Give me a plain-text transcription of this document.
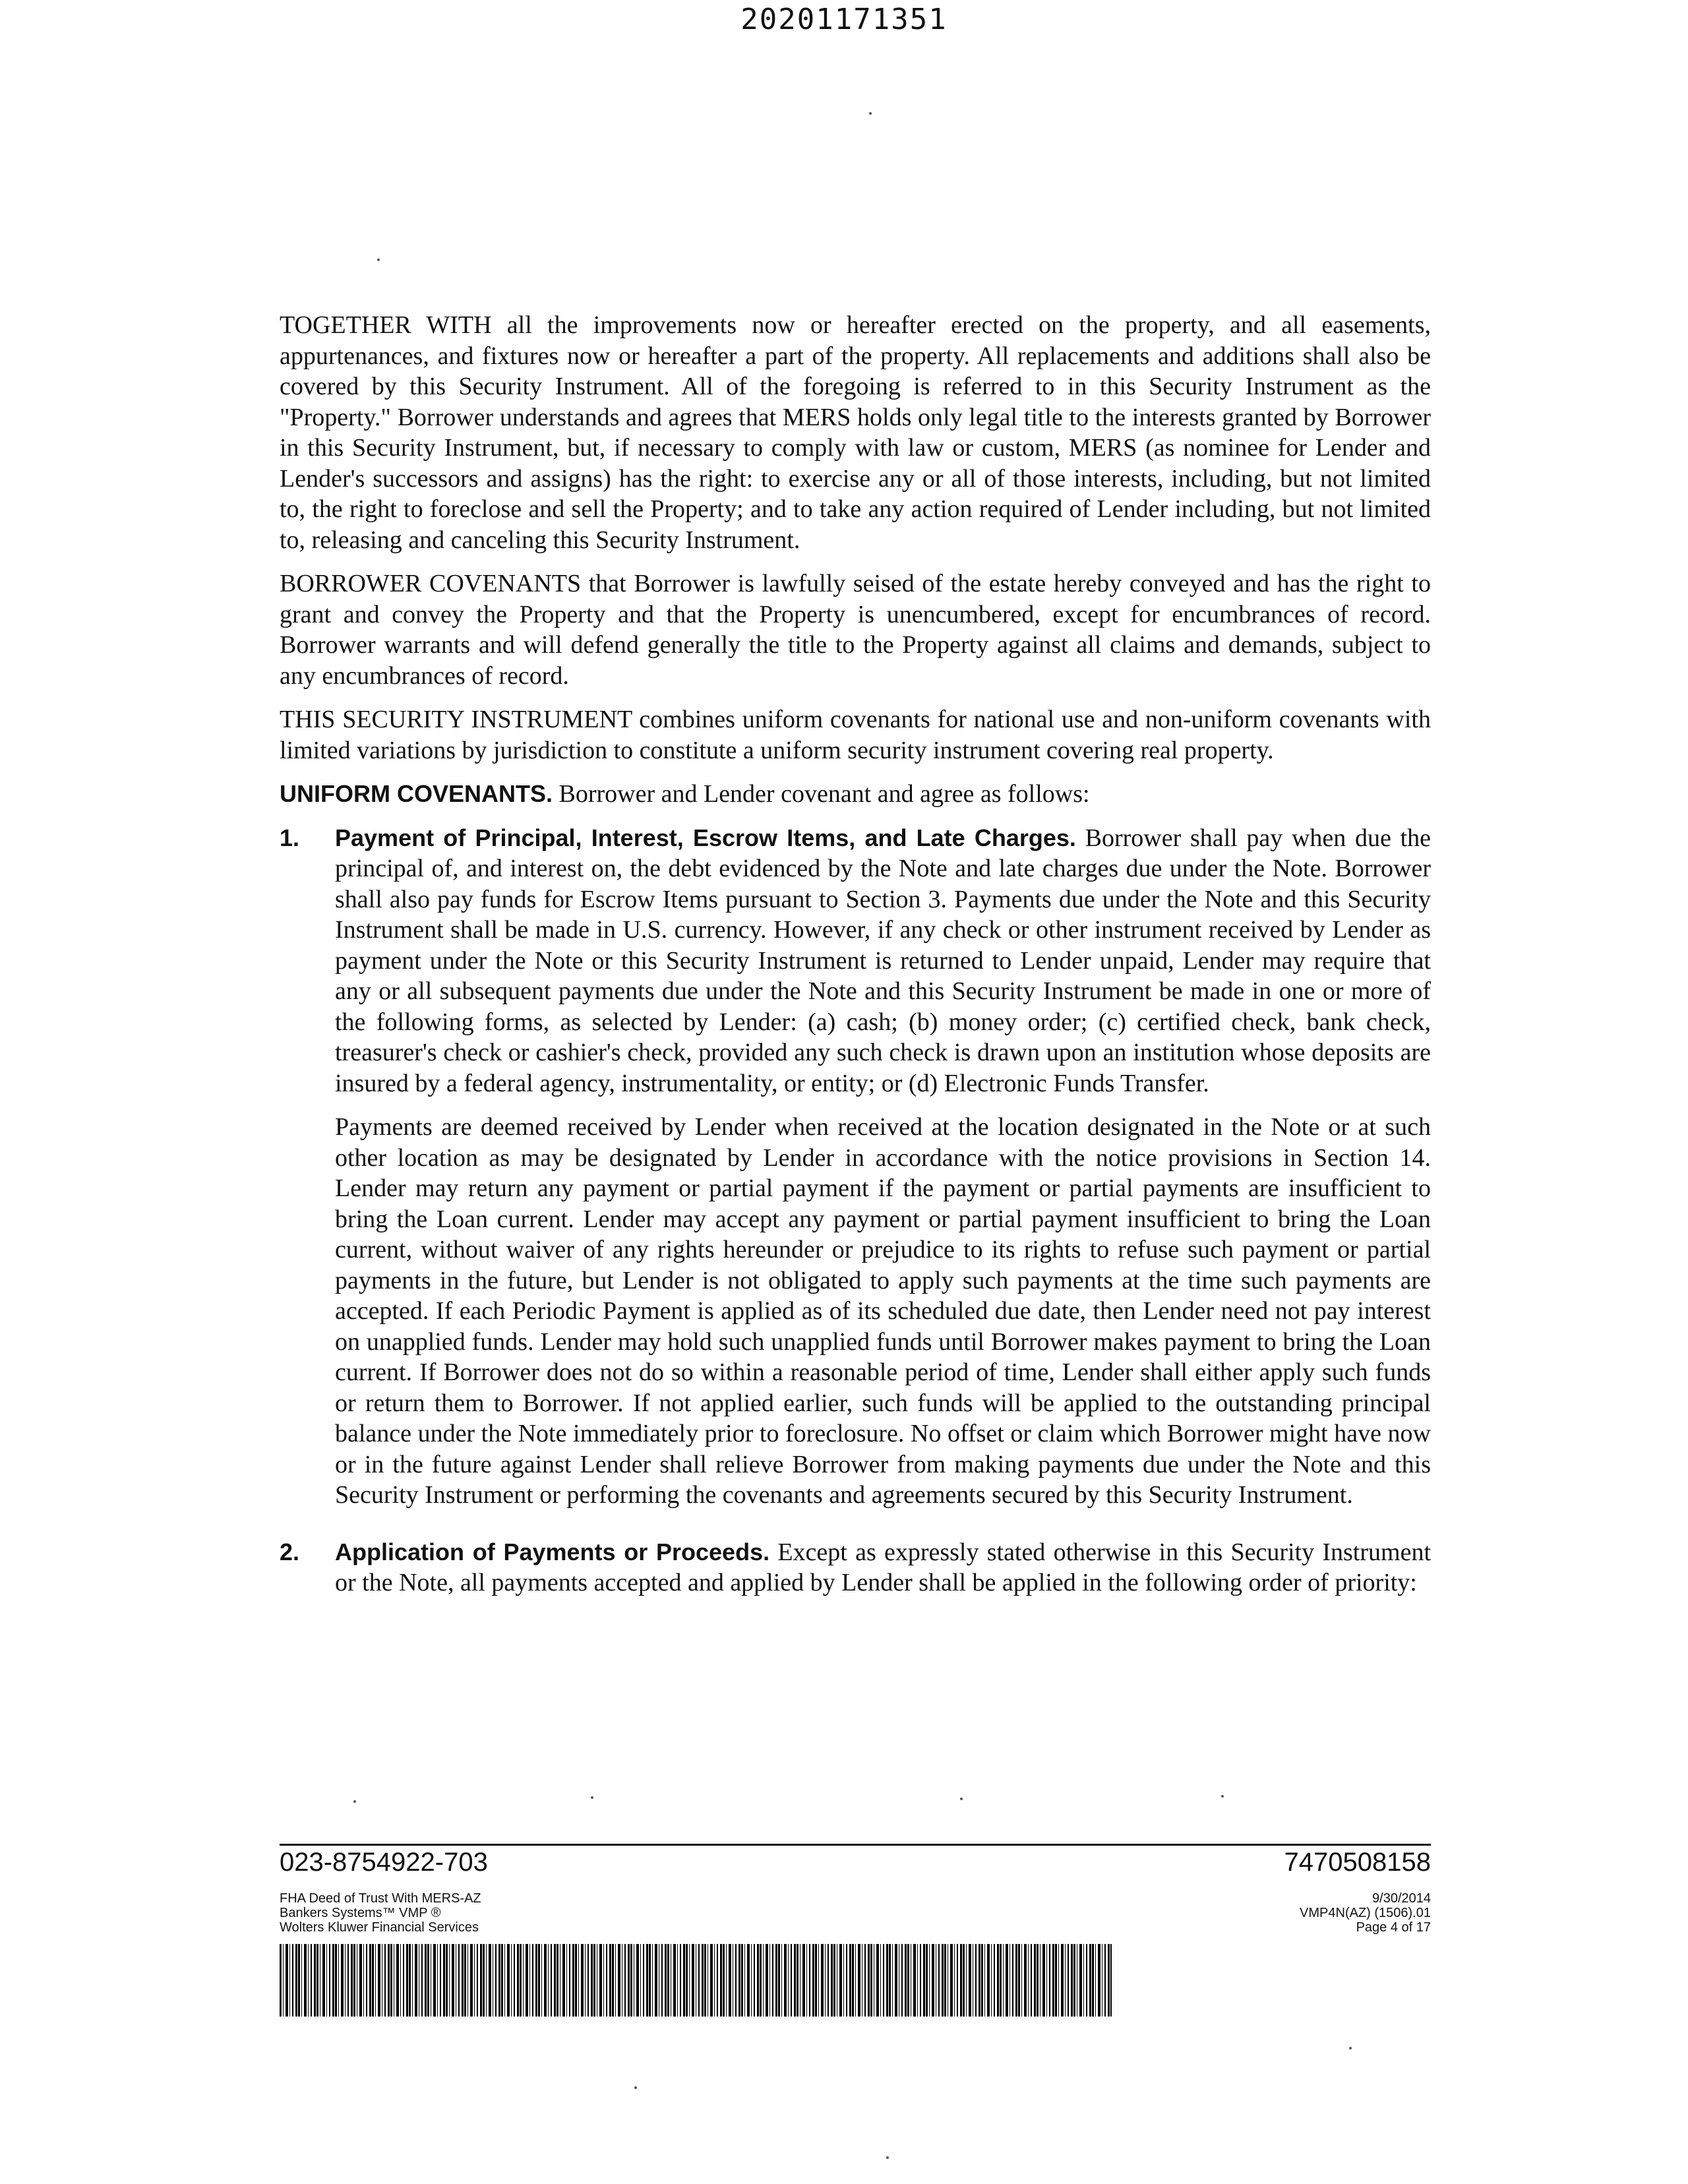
20201171351

TOGETHER WITH all the improvements now or hereafter erected on the property, and all easements, appurtenances, and fixtures now or hereafter a part of the property. All replacements and additions shall also be covered by this Security Instrument. All of the foregoing is referred to in this Security Instrument as the "Property." Borrower understands and agrees that MERS holds only legal title to the interests granted by Borrower in this Security Instrument, but, if necessary to comply with law or custom, MERS (as nominee for Lender and Lender's successors and assigns) has the right: to exercise any or all of those interests, including, but not limited to, the right to foreclose and sell the Property; and to take any action required of Lender including, but not limited to, releasing and canceling this Security Instrument.

BORROWER COVENANTS that Borrower is lawfully seised of the estate hereby conveyed and has the right to grant and convey the Property and that the Property is unencumbered, except for encumbrances of record. Borrower warrants and will defend generally the title to the Property against all claims and demands, subject to any encumbrances of record.

THIS SECURITY INSTRUMENT combines uniform covenants for national use and non-uniform covenants with limited variations by jurisdiction to constitute a uniform security instrument covering real property.

UNIFORM COVENANTS. Borrower and Lender covenant and agree as follows:

1.	Payment of Principal, Interest, Escrow Items, and Late Charges. Borrower shall pay when due the principal of, and interest on, the debt evidenced by the Note and late charges due under the Note. Borrower shall also pay funds for Escrow Items pursuant to Section 3. Payments due under the Note and this Security Instrument shall be made in U.S. currency. However, if any check or other instrument received by Lender as payment under the Note or this Security Instrument is returned to Lender unpaid, Lender may require that any or all subsequent payments due under the Note and this Security Instrument be made in one or more of the following forms, as selected by Lender: (a) cash; (b) money order; (c) certified check, bank check, treasurer's check or cashier's check, provided any such check is drawn upon an institution whose deposits are insured by a federal agency, instrumentality, or entity; or (d) Electronic Funds Transfer.

Payments are deemed received by Lender when received at the location designated in the Note or at such other location as may be designated by Lender in accordance with the notice provisions in Section 14. Lender may return any payment or partial payment if the payment or partial payments are insufficient to bring the Loan current. Lender may accept any payment or partial payment insufficient to bring the Loan current, without waiver of any rights hereunder or prejudice to its rights to refuse such payment or partial payments in the future, but Lender is not obligated to apply such payments at the time such payments are accepted. If each Periodic Payment is applied as of its scheduled due date, then Lender need not pay interest on unapplied funds. Lender may hold such unapplied funds until Borrower makes payment to bring the Loan current. If Borrower does not do so within a reasonable period of time, Lender shall either apply such funds or return them to Borrower. If not applied earlier, such funds will be applied to the outstanding principal balance under the Note immediately prior to foreclosure. No offset or claim which Borrower might have now or in the future against Lender shall relieve Borrower from making payments due under the Note and this Security Instrument or performing the covenants and agreements secured by this Security Instrument.

2.	Application of Payments or Proceeds. Except as expressly stated otherwise in this Security Instrument or the Note, all payments accepted and applied by Lender shall be applied in the following order of priority:

023-8754922-703	7470508158
FHA Deed of Trust With MERS-AZ
Bankers Systems™ VMP ®
Wolters Kluwer Financial Services
9/30/2014
VMP4N(AZ) (1506).01
Page 4 of 17
